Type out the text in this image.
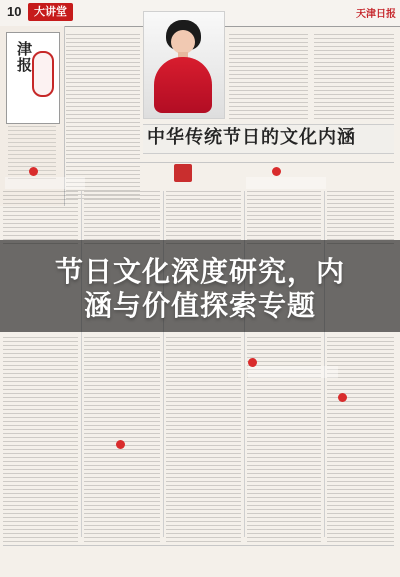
10	大讲堂	天津日报
津报
中华传统节日的文化内涵
节日文化深度研究，内
涵与价值探索专题
